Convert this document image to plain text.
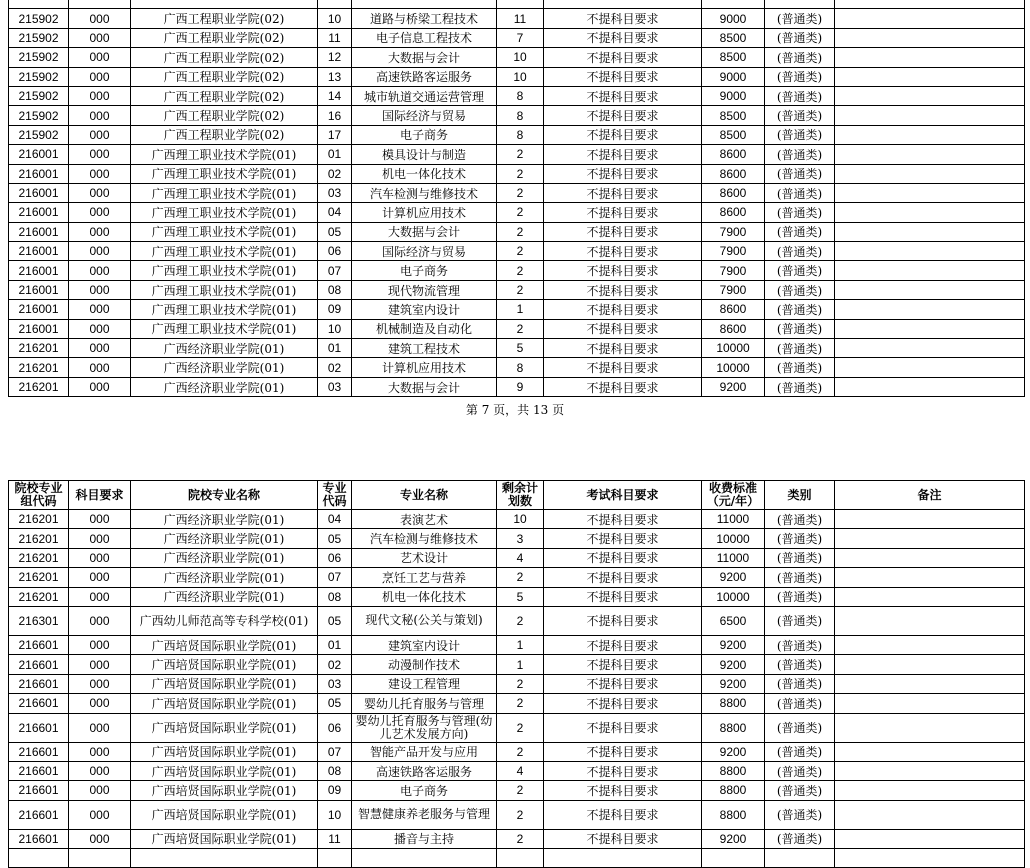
215902	000	广西工程职业学院(02)	10	道路与桥梁工程技术	11	不提科目要求	9000	(普通类)	
215902	000	广西工程职业学院(02)	11	电子信息工程技术	7	不提科目要求	8500	(普通类)	
215902	000	广西工程职业学院(02)	12	大数据与会计	10	不提科目要求	8500	(普通类)	
215902	000	广西工程职业学院(02)	13	高速铁路客运服务	10	不提科目要求	9000	(普通类)	
215902	000	广西工程职业学院(02)	14	城市轨道交通运营管理	8	不提科目要求	9000	(普通类)	
215902	000	广西工程职业学院(02)	16	国际经济与贸易	8	不提科目要求	8500	(普通类)	
215902	000	广西工程职业学院(02)	17	电子商务	8	不提科目要求	8500	(普通类)	
216001	000	广西理工职业技术学院(01)	01	模具设计与制造	2	不提科目要求	8600	(普通类)	
216001	000	广西理工职业技术学院(01)	02	机电一体化技术	2	不提科目要求	8600	(普通类)	
216001	000	广西理工职业技术学院(01)	03	汽车检测与维修技术	2	不提科目要求	8600	(普通类)	
216001	000	广西理工职业技术学院(01)	04	计算机应用技术	2	不提科目要求	8600	(普通类)	
216001	000	广西理工职业技术学院(01)	05	大数据与会计	2	不提科目要求	7900	(普通类)	
216001	000	广西理工职业技术学院(01)	06	国际经济与贸易	2	不提科目要求	7900	(普通类)	
216001	000	广西理工职业技术学院(01)	07	电子商务	2	不提科目要求	7900	(普通类)	
216001	000	广西理工职业技术学院(01)	08	现代物流管理	2	不提科目要求	7900	(普通类)	
216001	000	广西理工职业技术学院(01)	09	建筑室内设计	1	不提科目要求	8600	(普通类)	
216001	000	广西理工职业技术学院(01)	10	机械制造及自动化	2	不提科目要求	8600	(普通类)	
216201	000	广西经济职业学院(01)	01	建筑工程技术	5	不提科目要求	10000	(普通类)	
216201	000	广西经济职业学院(01)	02	计算机应用技术	8	不提科目要求	10000	(普通类)	
216201	000	广西经济职业学院(01)	03	大数据与会计	9	不提科目要求	9200	(普通类)	
第 7 页，共 13 页
院校专业组代码	科目要求	院校专业名称	专业代码	专业名称	剩余计划数	考试科目要求	收费标准（元/年）	类别	备注
216201	000	广西经济职业学院(01)	04	表演艺术	10	不提科目要求	11000	(普通类)	
216201	000	广西经济职业学院(01)	05	汽车检测与维修技术	3	不提科目要求	10000	(普通类)	
216201	000	广西经济职业学院(01)	06	艺术设计	4	不提科目要求	11000	(普通类)	
216201	000	广西经济职业学院(01)	07	烹饪工艺与营养	2	不提科目要求	9200	(普通类)	
216201	000	广西经济职业学院(01)	08	机电一体化技术	5	不提科目要求	10000	(普通类)	
216301	000	广西幼儿师范高等专科学校(01)	05	现代文秘(公关与策划)	2	不提科目要求	6500	(普通类)	
216601	000	广西培贤国际职业学院(01)	01	建筑室内设计	1	不提科目要求	9200	(普通类)	
216601	000	广西培贤国际职业学院(01)	02	动漫制作技术	1	不提科目要求	9200	(普通类)	
216601	000	广西培贤国际职业学院(01)	03	建设工程管理	2	不提科目要求	9200	(普通类)	
216601	000	广西培贤国际职业学院(01)	05	婴幼儿托育服务与管理	2	不提科目要求	8800	(普通类)	
216601	000	广西培贤国际职业学院(01)	06	婴幼儿托育服务与管理(幼儿艺术发展方向)	2	不提科目要求	8800	(普通类)	
216601	000	广西培贤国际职业学院(01)	07	智能产品开发与应用	2	不提科目要求	9200	(普通类)	
216601	000	广西培贤国际职业学院(01)	08	高速铁路客运服务	4	不提科目要求	8800	(普通类)	
216601	000	广西培贤国际职业学院(01)	09	电子商务	2	不提科目要求	8800	(普通类)	
216601	000	广西培贤国际职业学院(01)	10	智慧健康养老服务与管理	2	不提科目要求	8800	(普通类)	
216601	000	广西培贤国际职业学院(01)	11	播音与主持	2	不提科目要求	9200	(普通类)	
